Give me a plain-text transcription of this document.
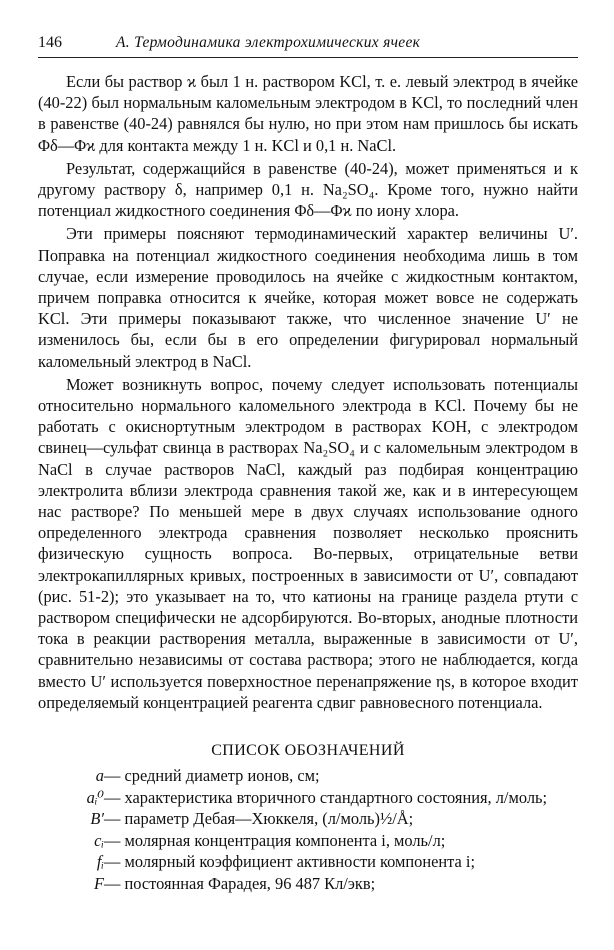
146	А. Термодинамика электрохимических ячеек

Если бы раствор ϰ был 1 н. раствором KCl, т. е. левый электрод в ячейке (40-22) был нормальным каломельным электродом в KCl, то последний член в равенстве (40-24) равнялся бы нулю, но при этом нам пришлось бы искать Φδ—Φϰ для контакта между 1 н. KCl и 0,1 н. NaCl.

Результат, содержащийся в равенстве (40-24), может применяться и к другому раствору δ, например 0,1 н. Na₂SO₄. Кроме того, нужно найти потенциал жидкостного соединения Φδ—Φϰ по иону хлора.

Эти примеры поясняют термодинамический характер величины U′. Поправка на потенциал жидкостного соединения необходима лишь в том случае, если измерение проводилось на ячейке с жидкостным контактом, причем поправка относится к ячейке, которая может вовсе не содержать KCl. Эти примеры показывают также, что численное значение U′ не изменилось бы, если бы в его определении фигурировал нормальный каломельный электрод в NaCl.

Может возникнуть вопрос, почему следует использовать потенциалы относительно нормального каломельного электрода в KCl. Почему бы не работать с окиснортутным электродом в растворах KOH, с электродом свинец—сульфат свинца в растворах Na₂SO₄ и с каломельным электродом в NaCl в случае растворов NaCl, каждый раз подбирая концентрацию электролита вблизи электрода сравнения такой же, как и в интересующем нас растворе? По меньшей мере в двух случаях использование одного определенного электрода сравнения позволяет несколько прояснить физическую сущность вопроса. Во-первых, отрицательные ветви электрокапиллярных кривых, построенных в зависимости от U′, совпадают (рис. 51-2); это указывает на то, что катионы на границе раздела ртути с раствором специфически не адсорбируются. Во-вторых, анодные плотности тока в реакции растворения металла, выраженные в зависимости от U′, сравнительно независимы от состава раствора; этого не наблюдается, когда вместо U′ используется поверхностное перенапряжение ηs, в которое входит определяемый концентрацией реагента сдвиг равновесного потенциала.

СПИСОК ОБОЗНАЧЕНИЙ
a — средний диаметр ионов, см;
aᵢ⁰ — характеристика вторичного стандартного состояния, л/моль;
B′ — параметр Дебая—Хюккеля, (л/моль)½/Å;
cᵢ — молярная концентрация компонента i, моль/л;
fᵢ — молярный коэффициент активности компонента i;
F — постоянная Фарадея, 96 487 Кл/экв;
